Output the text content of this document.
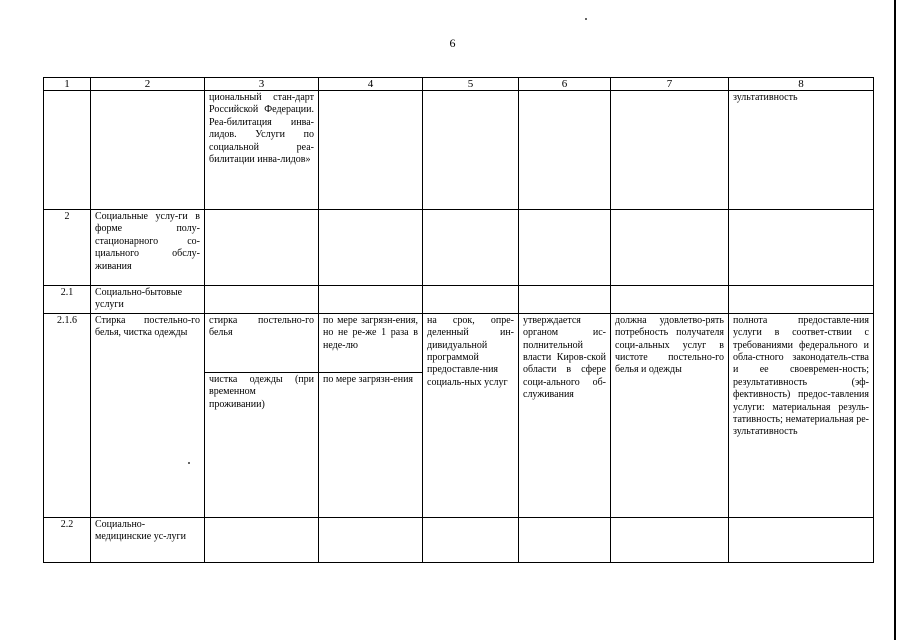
6
1	2	3	4	5	6	7	8
		циональный стан-дарт Российской Федерации. Реа-билитация инва-лидов. Услуги по социальной реа-билитации инва-лидов»					зультативность
2	Социальные услу-ги в форме полу-стационарного со-циального обслу-живания						
2.1	Социально-бытовые услуги						
2.1.6	Стирка постельно-го белья, чистка одежды	стирка постельно-го белья	по мере загрязн-ения, но не ре-же 1 раза в неде-лю	на срок, опре-деленный ин-дивидуальной программой предоставле-ния социаль-ных услуг	утверждается органом ис-полнительной власти Киров-ской области в сфере соци-ального об-служивания	должна удовлетво-рять потребность получателя соци-альных услуг в чистоте постельно-го белья и одежды	полнота предоставле-ния услуги в соответ-ствии с требованиями федерального и обла-стного законодатель-ства и ее своевремен-ность; результативность (эф-фективность) предос-тавления услуги: материальная резуль-тативность; нематериальная ре-зультативность
		чистка одежды (при временном проживании)	по мере загрязн-ения				
2.2	Социально-медицинские ус-луги						
